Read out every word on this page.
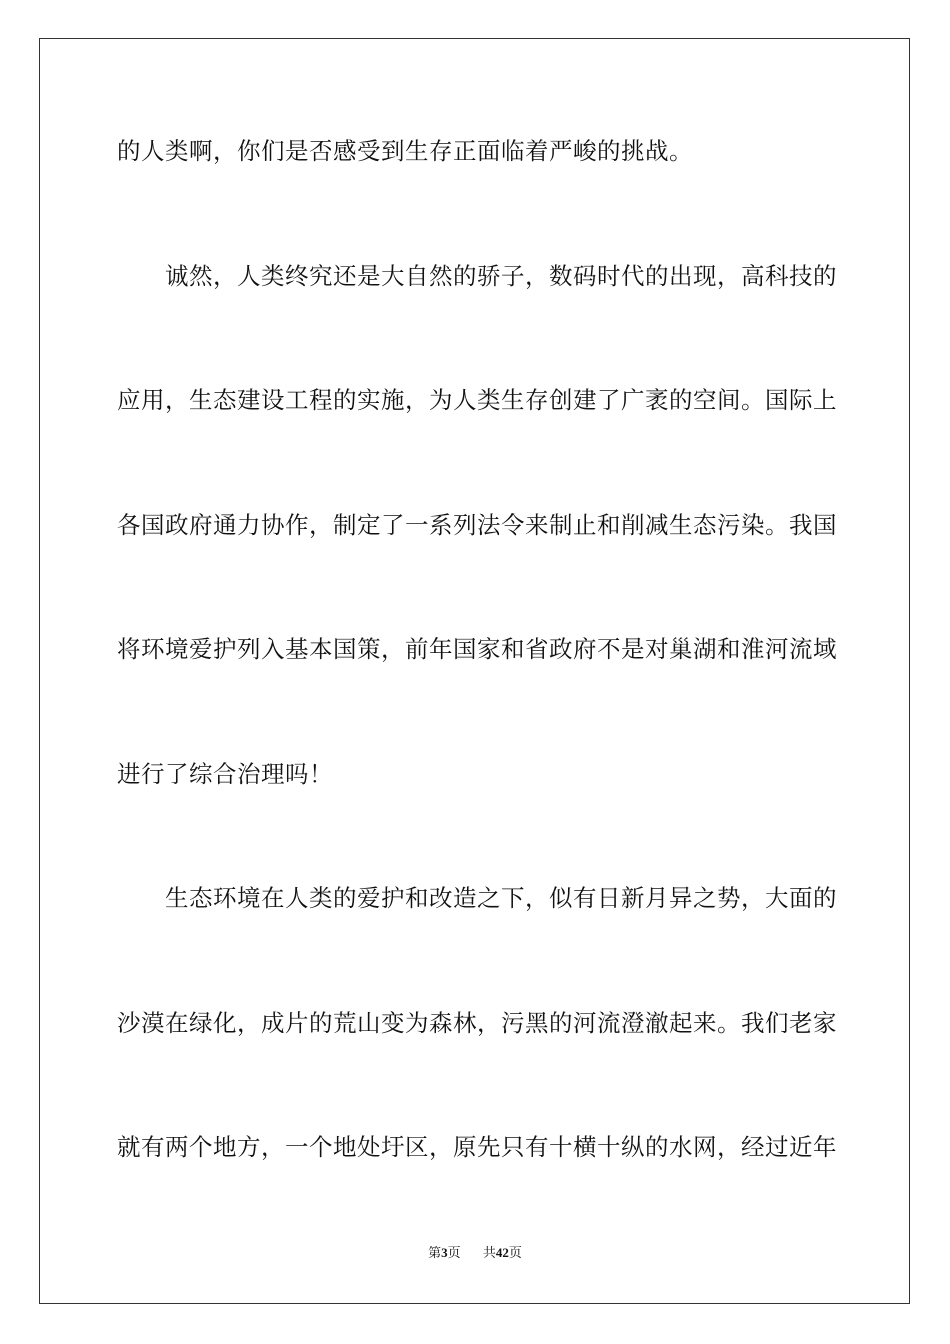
的人类啊，你们是否感受到生存正面临着严峻的挑战。
　　诚然，人类终究还是大自然的骄子，数码时代的出现，高科技的
应用，生态建设工程的实施，为人类生存创建了广袤的空间。国际上
各国政府通力协作，制定了一系列法令来制止和削减生态污染。我国
将环境爱护列入基本国策，前年国家和省政府不是对巢湖和淮河流域
进行了综合治理吗！
　　生态环境在人类的爱护和改造之下，似有日新月异之势，大面的
沙漠在绿化，成片的荒山变为森林，污黑的河流澄澈起来。我们老家
就有两个地方，一个地处圩区，原先只有十横十纵的水网，经过近年
第3页 共42页
